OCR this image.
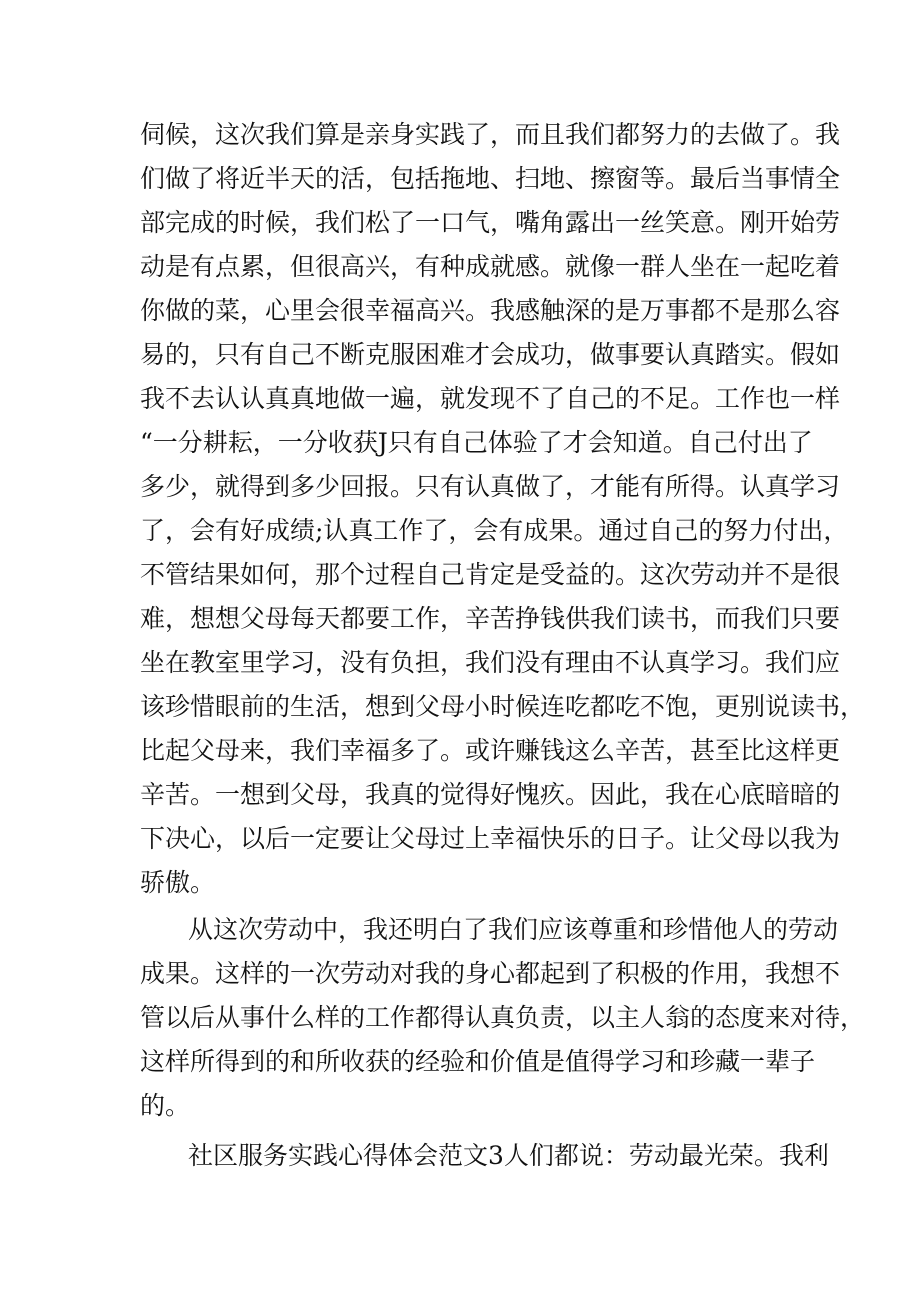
伺候，这次我们算是亲身实践了，而且我们都努力的去做了。我

们做了将近半天的活，包括拖地、扫地、擦窗等。最后当事情全

部完成的时候，我们松了一口气，嘴角露出一丝笑意。刚开始劳

动是有点累，但很高兴，有种成就感。就像一群人坐在一起吃着

你做的菜，心里会很幸福高兴。我感触深的是万事都不是那么容

易的，只有自己不断克服困难才会成功，做事要认真踏实。假如

我不去认认真真地做一遍，就发现不了自己的不足。工作也一样

“一分耕耘，一分收获J只有自己体验了才会知道。自己付出了

多少，就得到多少回报。只有认真做了，才能有所得。认真学习

了，会有好成绩;认真工作了，会有成果。通过自己的努力付出，

不管结果如何，那个过程自己肯定是受益的。这次劳动并不是很

难，想想父母每天都要工作，辛苦挣钱供我们读书，而我们只要

坐在教室里学习，没有负担，我们没有理由不认真学习。我们应

该珍惜眼前的生活，想到父母小时候连吃都吃不饱，更别说读书，

比起父母来，我们幸福多了。或许赚钱这么辛苦，甚至比这样更

辛苦。一想到父母，我真的觉得好愧疚。因此，我在心底暗暗的

下决心，以后一定要让父母过上幸福快乐的日子。让父母以我为

骄傲。

从这次劳动中，我还明白了我们应该尊重和珍惜他人的劳动

成果。这样的一次劳动对我的身心都起到了积极的作用，我想不

管以后从事什么样的工作都得认真负责，以主人翁的态度来对待，

这样所得到的和所收获的经验和价值是值得学习和珍藏一辈子

的。

社区服务实践心得体会范文3人们都说：劳动最光荣。我利
